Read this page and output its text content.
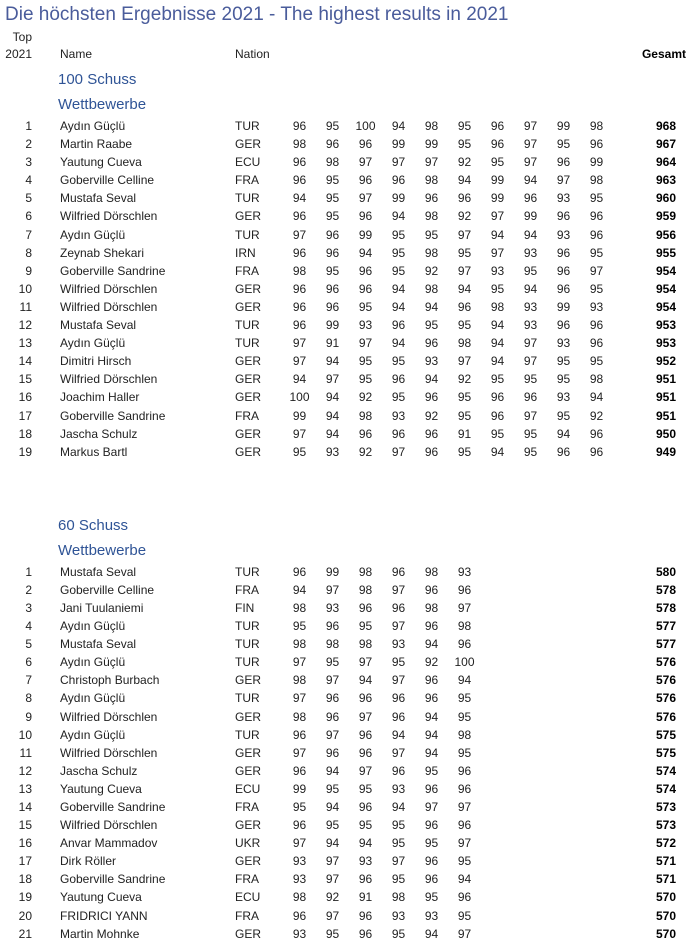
Die höchsten Ergebnisse 2021 - The highest results in 2021
Top
2021 Name	Nation	Gesamt
100 Schuss
Wettbewerbe
1 Aydın Güçlü	TUR	96	95	100	94	98	95	96	97	99	98	968
2 Martin Raabe	GER	98	96	96	99	99	95	96	97	95	96	967
3 Yautung Cueva	ECU	96	98	97	97	97	92	95	97	96	99	964
4 Goberville Celline	FRA	96	95	96	96	98	94	99	94	97	98	963
5 Mustafa Seval	TUR	94	95	97	99	96	96	99	96	93	95	960
6 Wilfried Dörschlen	GER	96	95	96	94	98	92	97	99	96	96	959
7 Aydın Güçlü	TUR	97	96	99	95	95	97	94	94	93	96	956
8 Zeynab Shekari	IRN	96	96	94	95	98	95	97	93	96	95	955
9 Goberville Sandrine	FRA	98	95	96	95	92	97	93	95	96	97	954
10 Wilfried Dörschlen	GER	96	96	96	94	98	94	95	94	96	95	954
11 Wilfried Dörschlen	GER	96	96	95	94	94	96	98	93	99	93	954
12 Mustafa Seval	TUR	96	99	93	96	95	95	94	93	96	96	953
13 Aydın Güçlü	TUR	97	91	97	94	96	98	94	97	93	96	953
14 Dimitri Hirsch	GER	97	94	95	95	93	97	94	97	95	95	952
15 Wilfried Dörschlen	GER	94	97	95	96	94	92	95	95	95	98	951
16 Joachim Haller	GER	100	94	92	95	96	95	96	96	93	94	951
17 Goberville Sandrine	FRA	99	94	98	93	92	95	96	97	95	92	951
18 Jascha Schulz	GER	97	94	96	96	96	91	95	95	94	96	950
19 Markus Bartl	GER	95	93	92	97	96	95	94	95	96	96	949
60 Schuss
Wettbewerbe
1 Mustafa Seval	TUR	96	99	98	96	98	93	580
2 Goberville Celline	FRA	94	97	98	97	96	96	578
3 Jani Tuulaniemi	FIN	98	93	96	96	98	97	578
4 Aydın Güçlü	TUR	95	96	95	97	96	98	577
5 Mustafa Seval	TUR	98	98	98	93	94	96	577
6 Aydın Güçlü	TUR	97	95	97	95	92	100	576
7 Christoph Burbach	GER	98	97	94	97	96	94	576
8 Aydın Güçlü	TUR	97	96	96	96	96	95	576
9 Wilfried Dörschlen	GER	98	96	97	96	94	95	576
10 Aydın Güçlü	TUR	96	97	96	94	94	98	575
11 Wilfried Dörschlen	GER	97	96	96	97	94	95	575
12 Jascha Schulz	GER	96	94	97	96	95	96	574
13 Yautung Cueva	ECU	99	95	95	93	96	96	574
14 Goberville Sandrine	FRA	95	94	96	94	97	97	573
15 Wilfried Dörschlen	GER	96	95	95	95	96	96	573
16 Anvar Mammadov	UKR	97	94	94	95	95	97	572
17 Dirk Röller	GER	93	97	93	97	96	95	571
18 Goberville Sandrine	FRA	93	97	96	95	96	94	571
19 Yautung Cueva	ECU	98	92	91	98	95	96	570
20 FRIDRICI YANN	FRA	96	97	96	93	93	95	570
21 Martin Mohnke	GER	93	95	96	95	94	97	570
